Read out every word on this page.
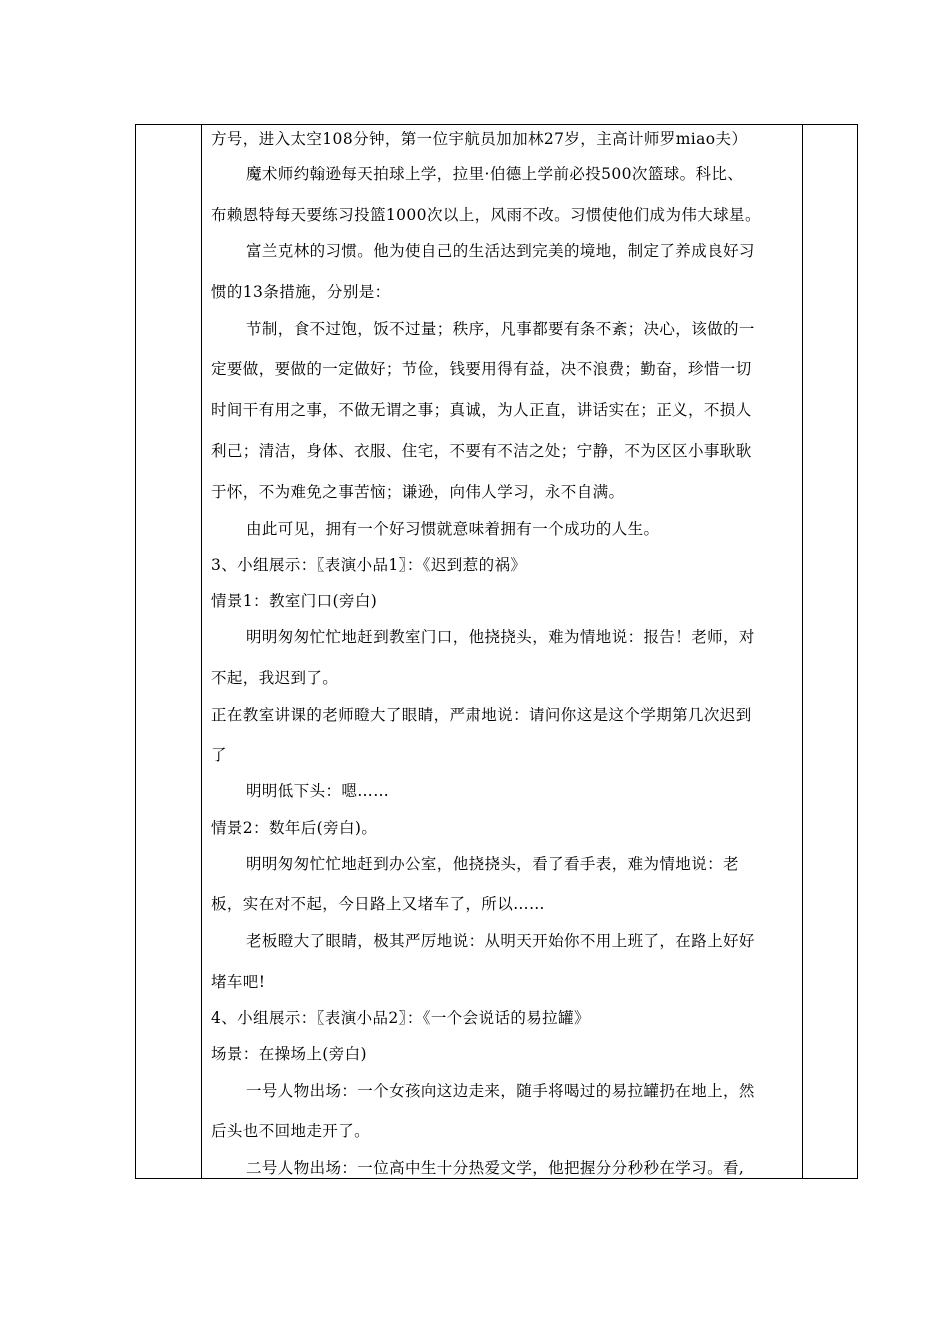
方号，进入太空108分钟，第一位宇航员加加林27岁，主高计师罗miao夫）
魔术师约翰逊每天拍球上学，拉里·伯德上学前必投500次篮球。科比、
布赖恩特每天要练习投篮1000次以上，风雨不改。习惯使他们成为伟大球星。
富兰克林的习惯。他为使自己的生活达到完美的境地，制定了养成良好习
惯的13条措施，分别是：
节制，食不过饱，饭不过量；秩序，凡事都要有条不紊；决心，该做的一
定要做，要做的一定做好；节俭，钱要用得有益，决不浪费；勤奋，珍惜一切
时间干有用之事，不做无谓之事；真诚，为人正直，讲话实在；正义，不损人
利己；清洁，身体、衣服、住宅，不要有不洁之处；宁静，不为区区小事耿耿
于怀，不为难免之事苦恼；谦逊，向伟人学习，永不自满。
由此可见，拥有一个好习惯就意味着拥有一个成功的人生。
3、小组展示：〖表演小品1〗：《迟到惹的祸》
情景1：教室门口(旁白)
明明匆匆忙忙地赶到教室门口，他挠挠头，难为情地说：报告！老师，对
不起，我迟到了。
正在教室讲课的老师瞪大了眼睛，严肃地说：请问你这是这个学期第几次迟到
了
明明低下头：嗯……
情景2：数年后(旁白)。
明明匆匆忙忙地赶到办公室，他挠挠头，看了看手表，难为情地说：老
板，实在对不起，今日路上又堵车了，所以……
老板瞪大了眼睛，极其严厉地说：从明天开始你不用上班了，在路上好好
堵车吧!
4、小组展示：〖表演小品2〗：《一个会说话的易拉罐》
场景：在操场上(旁白)
一号人物出场：一个女孩向这边走来，随手将喝过的易拉罐扔在地上，然
后头也不回地走开了。
二号人物出场：一位高中生十分热爱文学，他把握分分秒秒在学习。看,
